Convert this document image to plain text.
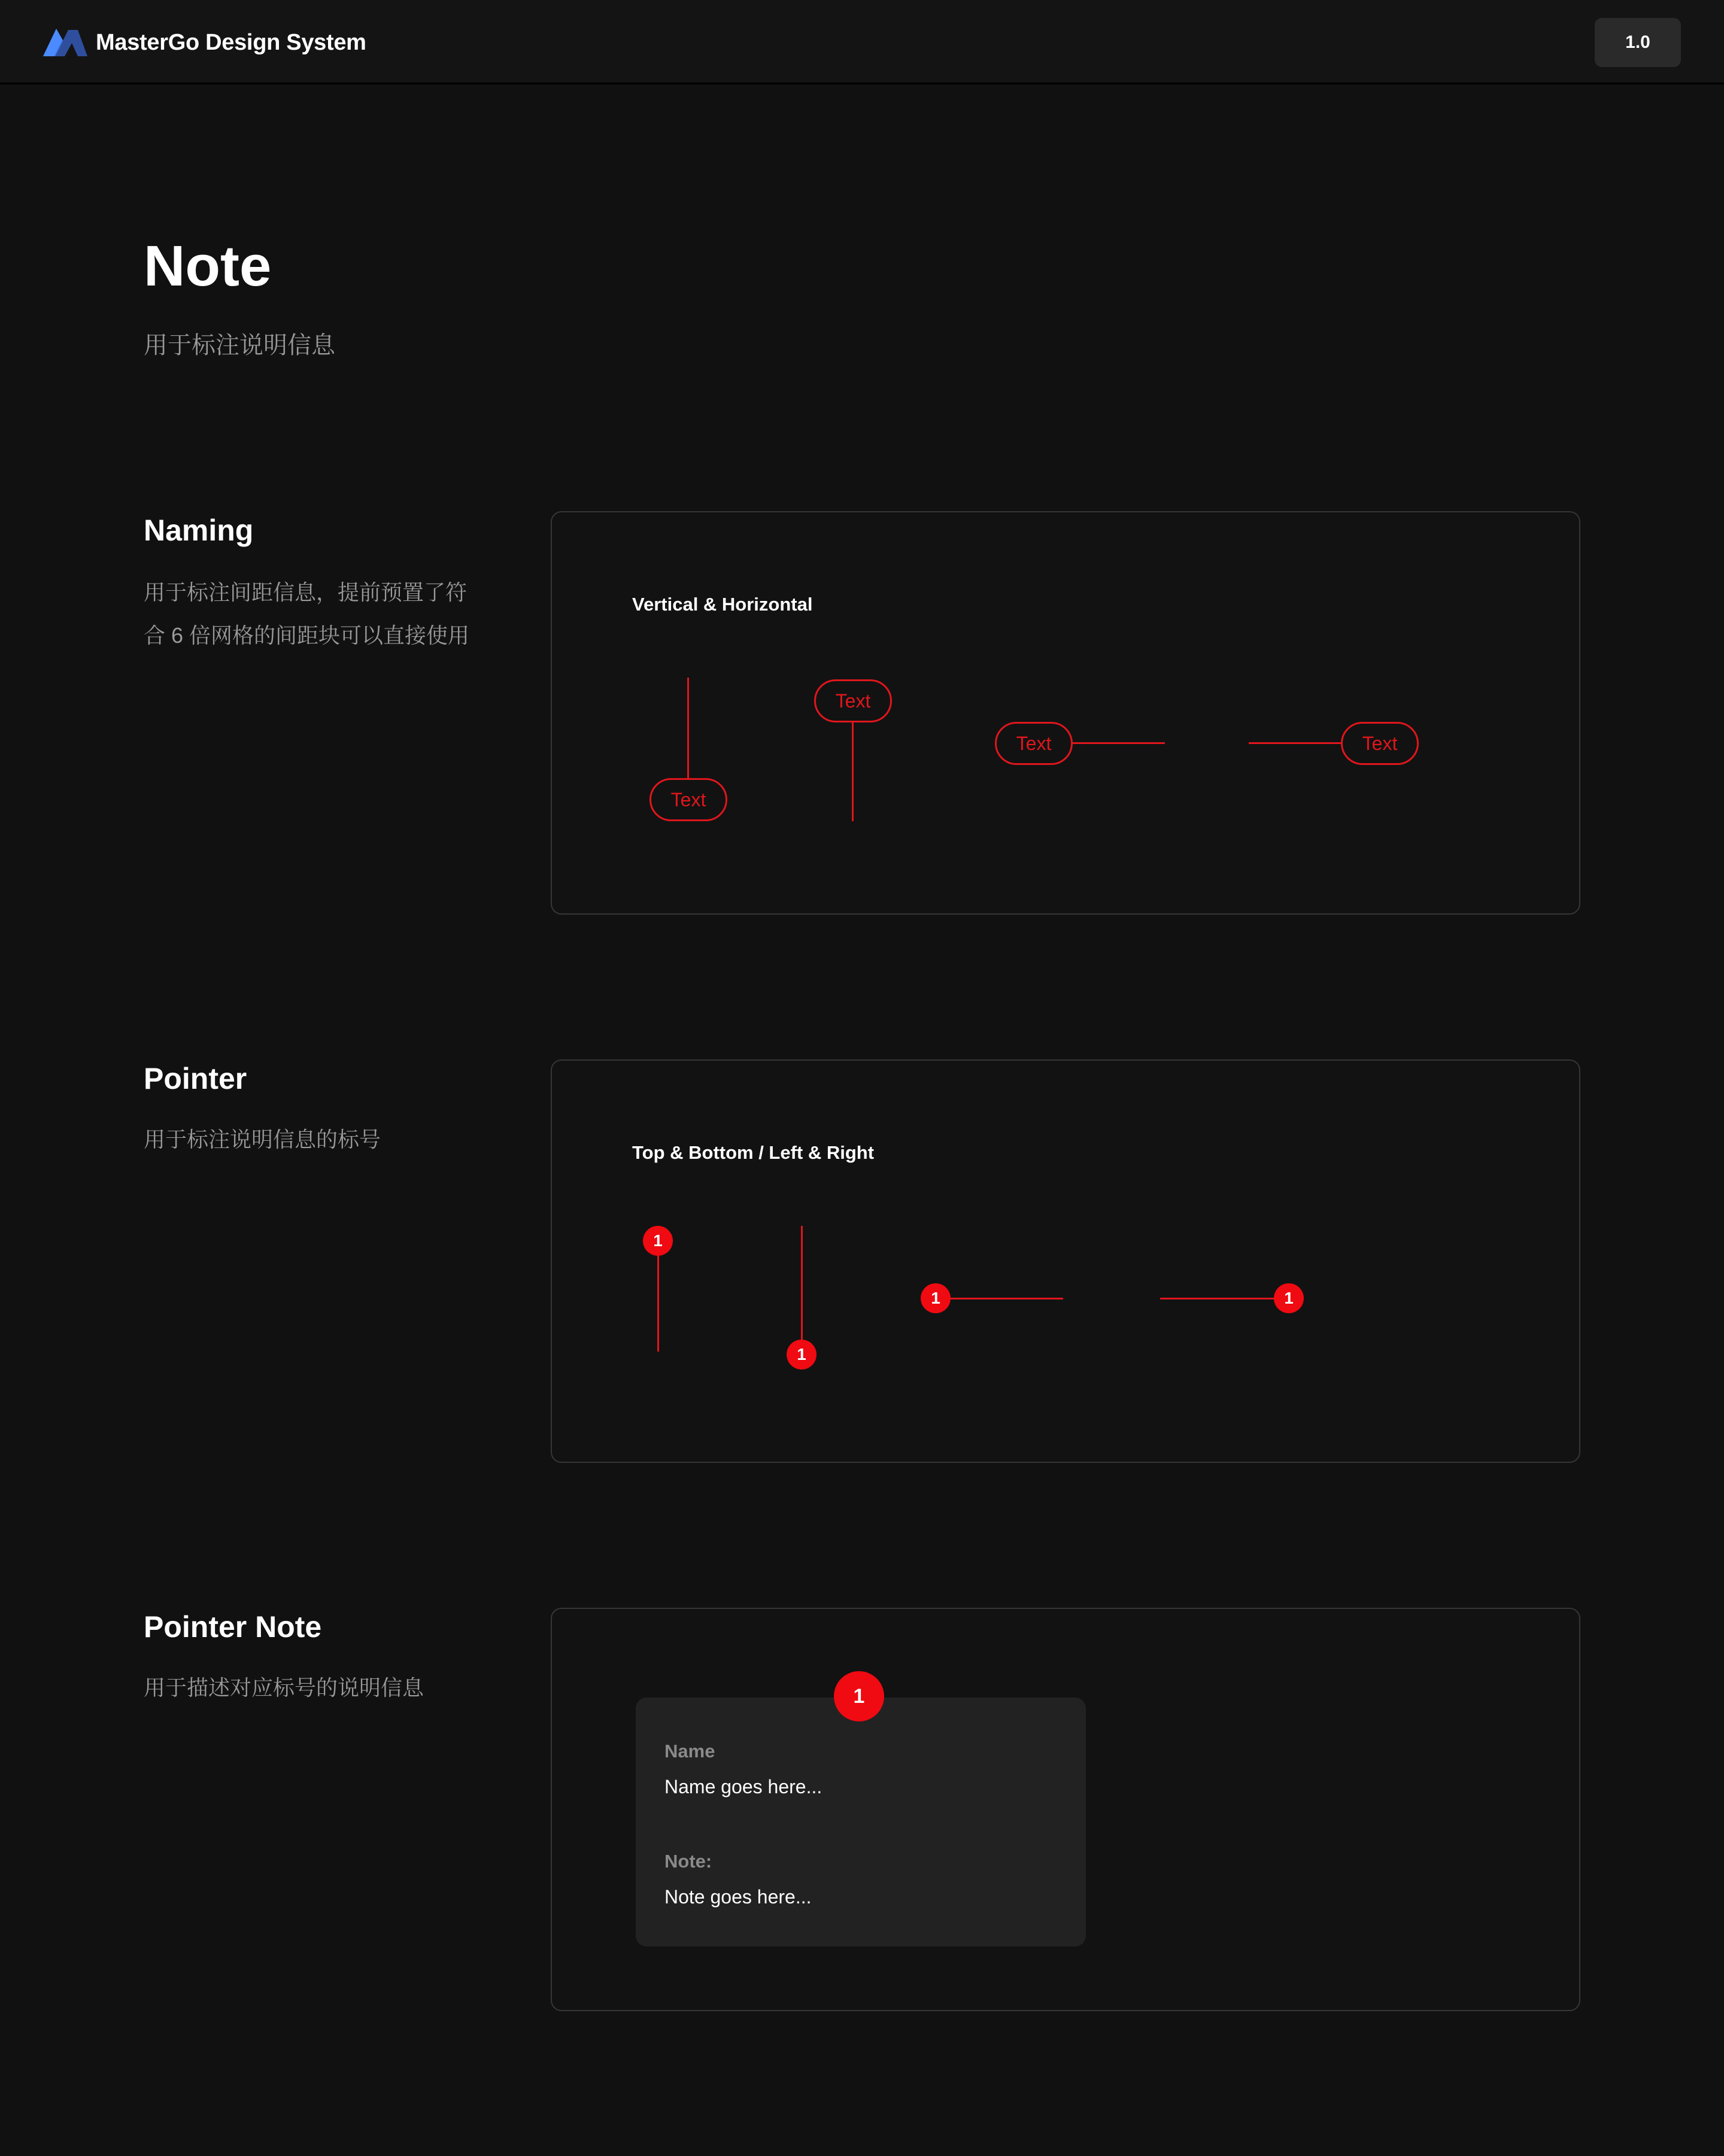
MasterGo Design System	1.0
Note
用于标注说明信息
Naming
用于标注间距信息，提前预置了符
合 6 倍网格的间距块可以直接使用
Vertical & Horizontal
Text
Text
Text	Text
Pointer
用于标注说明信息的标号
Top & Bottom / Left & Right
1
1
1	1
Pointer Note
用于描述对应标号的说明信息	1
Name
Name goes here...
Note:
Note goes here...
